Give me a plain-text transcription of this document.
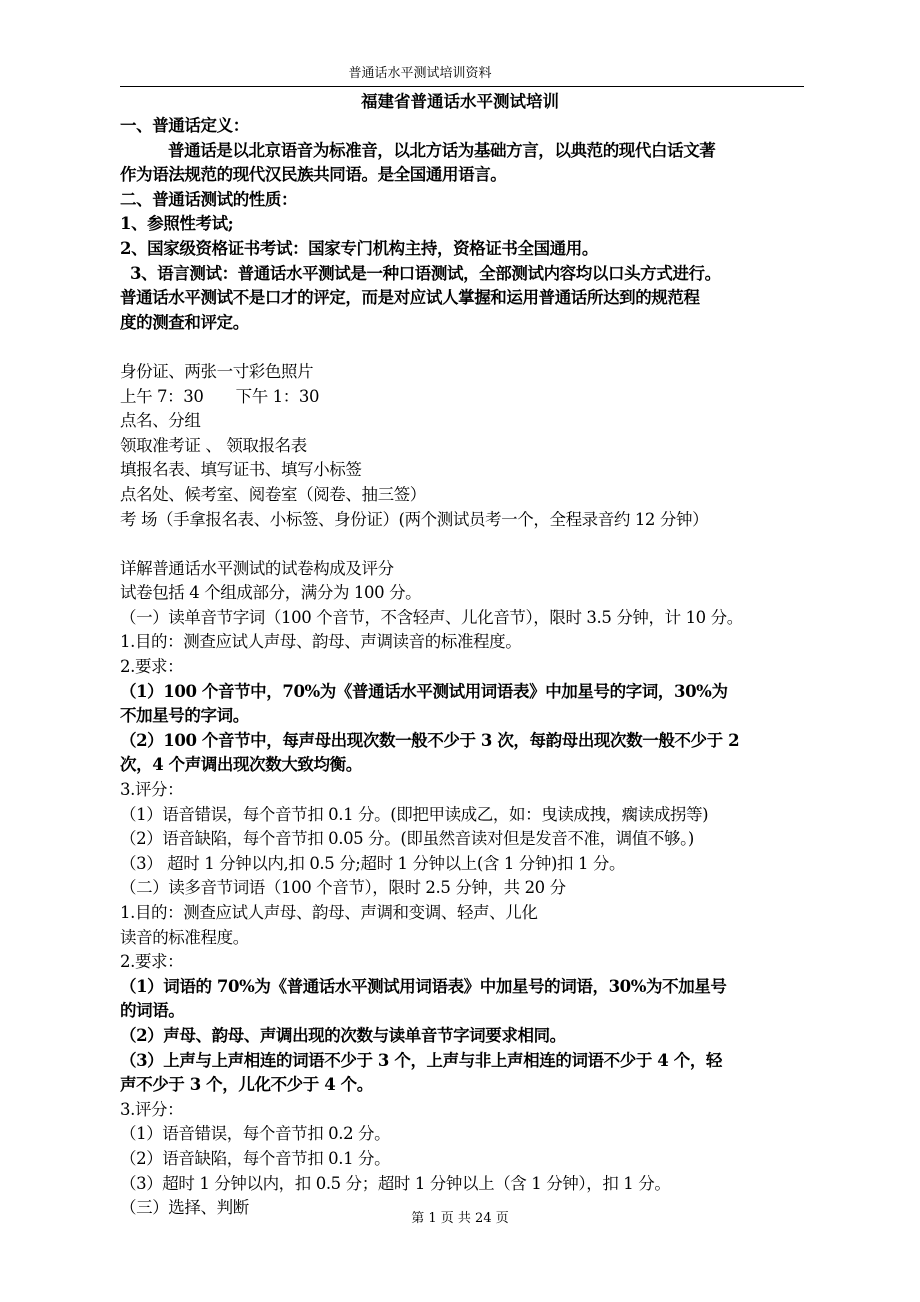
普通话水平测试培训资料
福建省普通话水平测试培训

一、普通话定义：

普通话是以北京语音为标准音，以北方话为基础方言，以典范的现代白话文著

作为语法规范的现代汉民族共同语。是全国通用语言。

二、普通话测试的性质：

1、参照性考试;

2、国家级资格证书考试：国家专门机构主持，资格证书全国通用。

3、语言测试：普通话水平测试是一种口语测试，全部测试内容均以口头方式进行。

普通话水平测试不是口才的评定，而是对应试人掌握和运用普通话所达到的规范程

度的测查和评定。

身份证、两张一寸彩色照片

上午 7：30　　下午 1：30

点名、分组

领取准考证 、 领取报名表

填报名表、填写证书、填写小标签

点名处、候考室、阅卷室（阅卷、抽三签）

考 场（手拿报名表、小标签、身份证）(两个测试员考一个，全程录音约 12 分钟）

详解普通话水平测试的试卷构成及评分

试卷包括 4 个组成部分，满分为 100 分。

（一）读单音节字词（100 个音节，不含轻声、儿化音节），限时 3.5 分钟，计 10 分。

1.目的：测查应试人声母、韵母、声调读音的标准程度。

2.要求：

（1）100 个音节中，70%为《普通话水平测试用词语表》中加星号的字词，30%为

不加星号的字词。

（2）100 个音节中，每声母出现次数一般不少于 3 次，每韵母出现次数一般不少于 2

次，4 个声调出现次数大致均衡。

3.评分：

（1）语音错误，每个音节扣 0.1 分。(即把甲读成乙，如：曳读成拽，瘸读成拐等)

（2）语音缺陷，每个音节扣 0.05 分。(即虽然音读对但是发音不准，调值不够。)

（3） 超时 1 分钟以内,扣 0.5 分;超时 1 分钟以上(含 1 分钟)扣 1 分。

（二）读多音节词语（100 个音节），限时 2.5 分钟，共 20 分

1.目的：测查应试人声母、韵母、声调和变调、轻声、儿化

读音的标准程度。

2.要求：

（1）词语的 70%为《普通话水平测试用词语表》中加星号的词语，30%为不加星号

的词语。

（2）声母、韵母、声调出现的次数与读单音节字词要求相同。

（3）上声与上声相连的词语不少于 3 个，上声与非上声相连的词语不少于 4 个，轻

声不少于 3 个，儿化不少于 4 个。

3.评分：

（1）语音错误，每个音节扣 0.2 分。

（2）语音缺陷，每个音节扣 0.1 分。

（3）超时 1 分钟以内，扣 0.5 分；超时 1 分钟以上（含 1 分钟），扣 1 分。

（三）选择、判断

第 1 页 共 24 页
